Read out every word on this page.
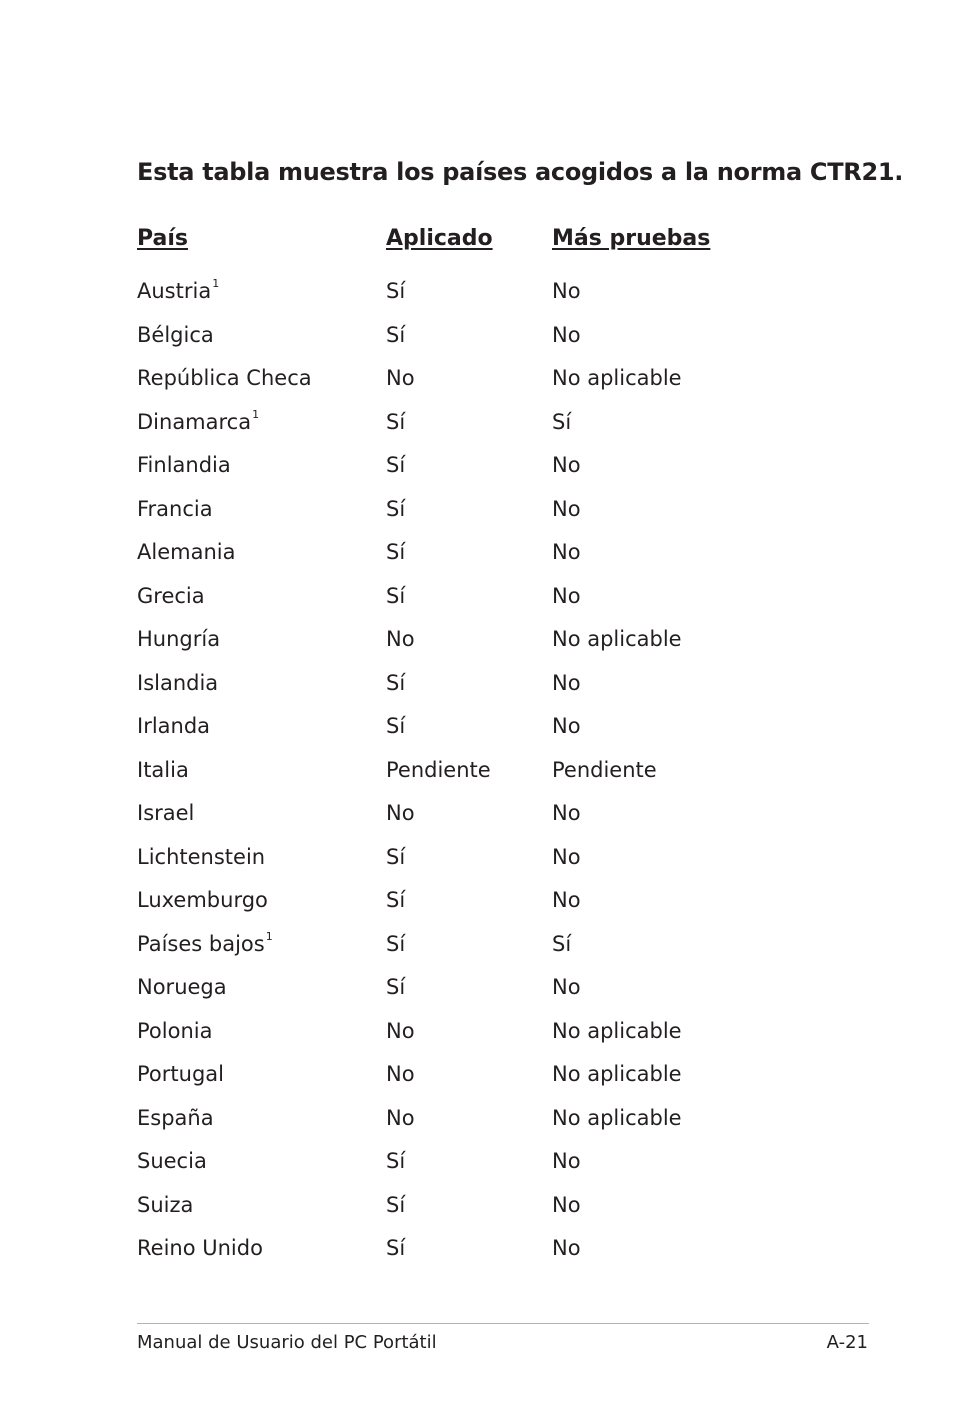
Esta tabla muestra los países acogidos a la norma CTR21.
País	Aplicado	Más pruebas
Austria$^1$	Sí	No
Bélgica	Sí	No
República Checa	No	No aplicable
Dinamarca$^1$	Sí	Sí
Finlandia	Sí	No
Francia	Sí	No
Alemania	Sí	No
Grecia	Sí	No
Hungría	No	No aplicable
Islandia	Sí	No
Irlanda	Sí	No
Italia	Pendiente	Pendiente
Israel	No	No
Lichtenstein	Sí	No
Luxemburgo	Sí	No
Países bajos$^1$	Sí	Sí
Noruega	Sí	No
Polonia	No	No aplicable
Portugal	No	No aplicable
España	No	No aplicable
Suecia	Sí	No
Suiza	Sí	No
Reino Unido	Sí	No
Manual de Usuario del PC Portátil	A-21
